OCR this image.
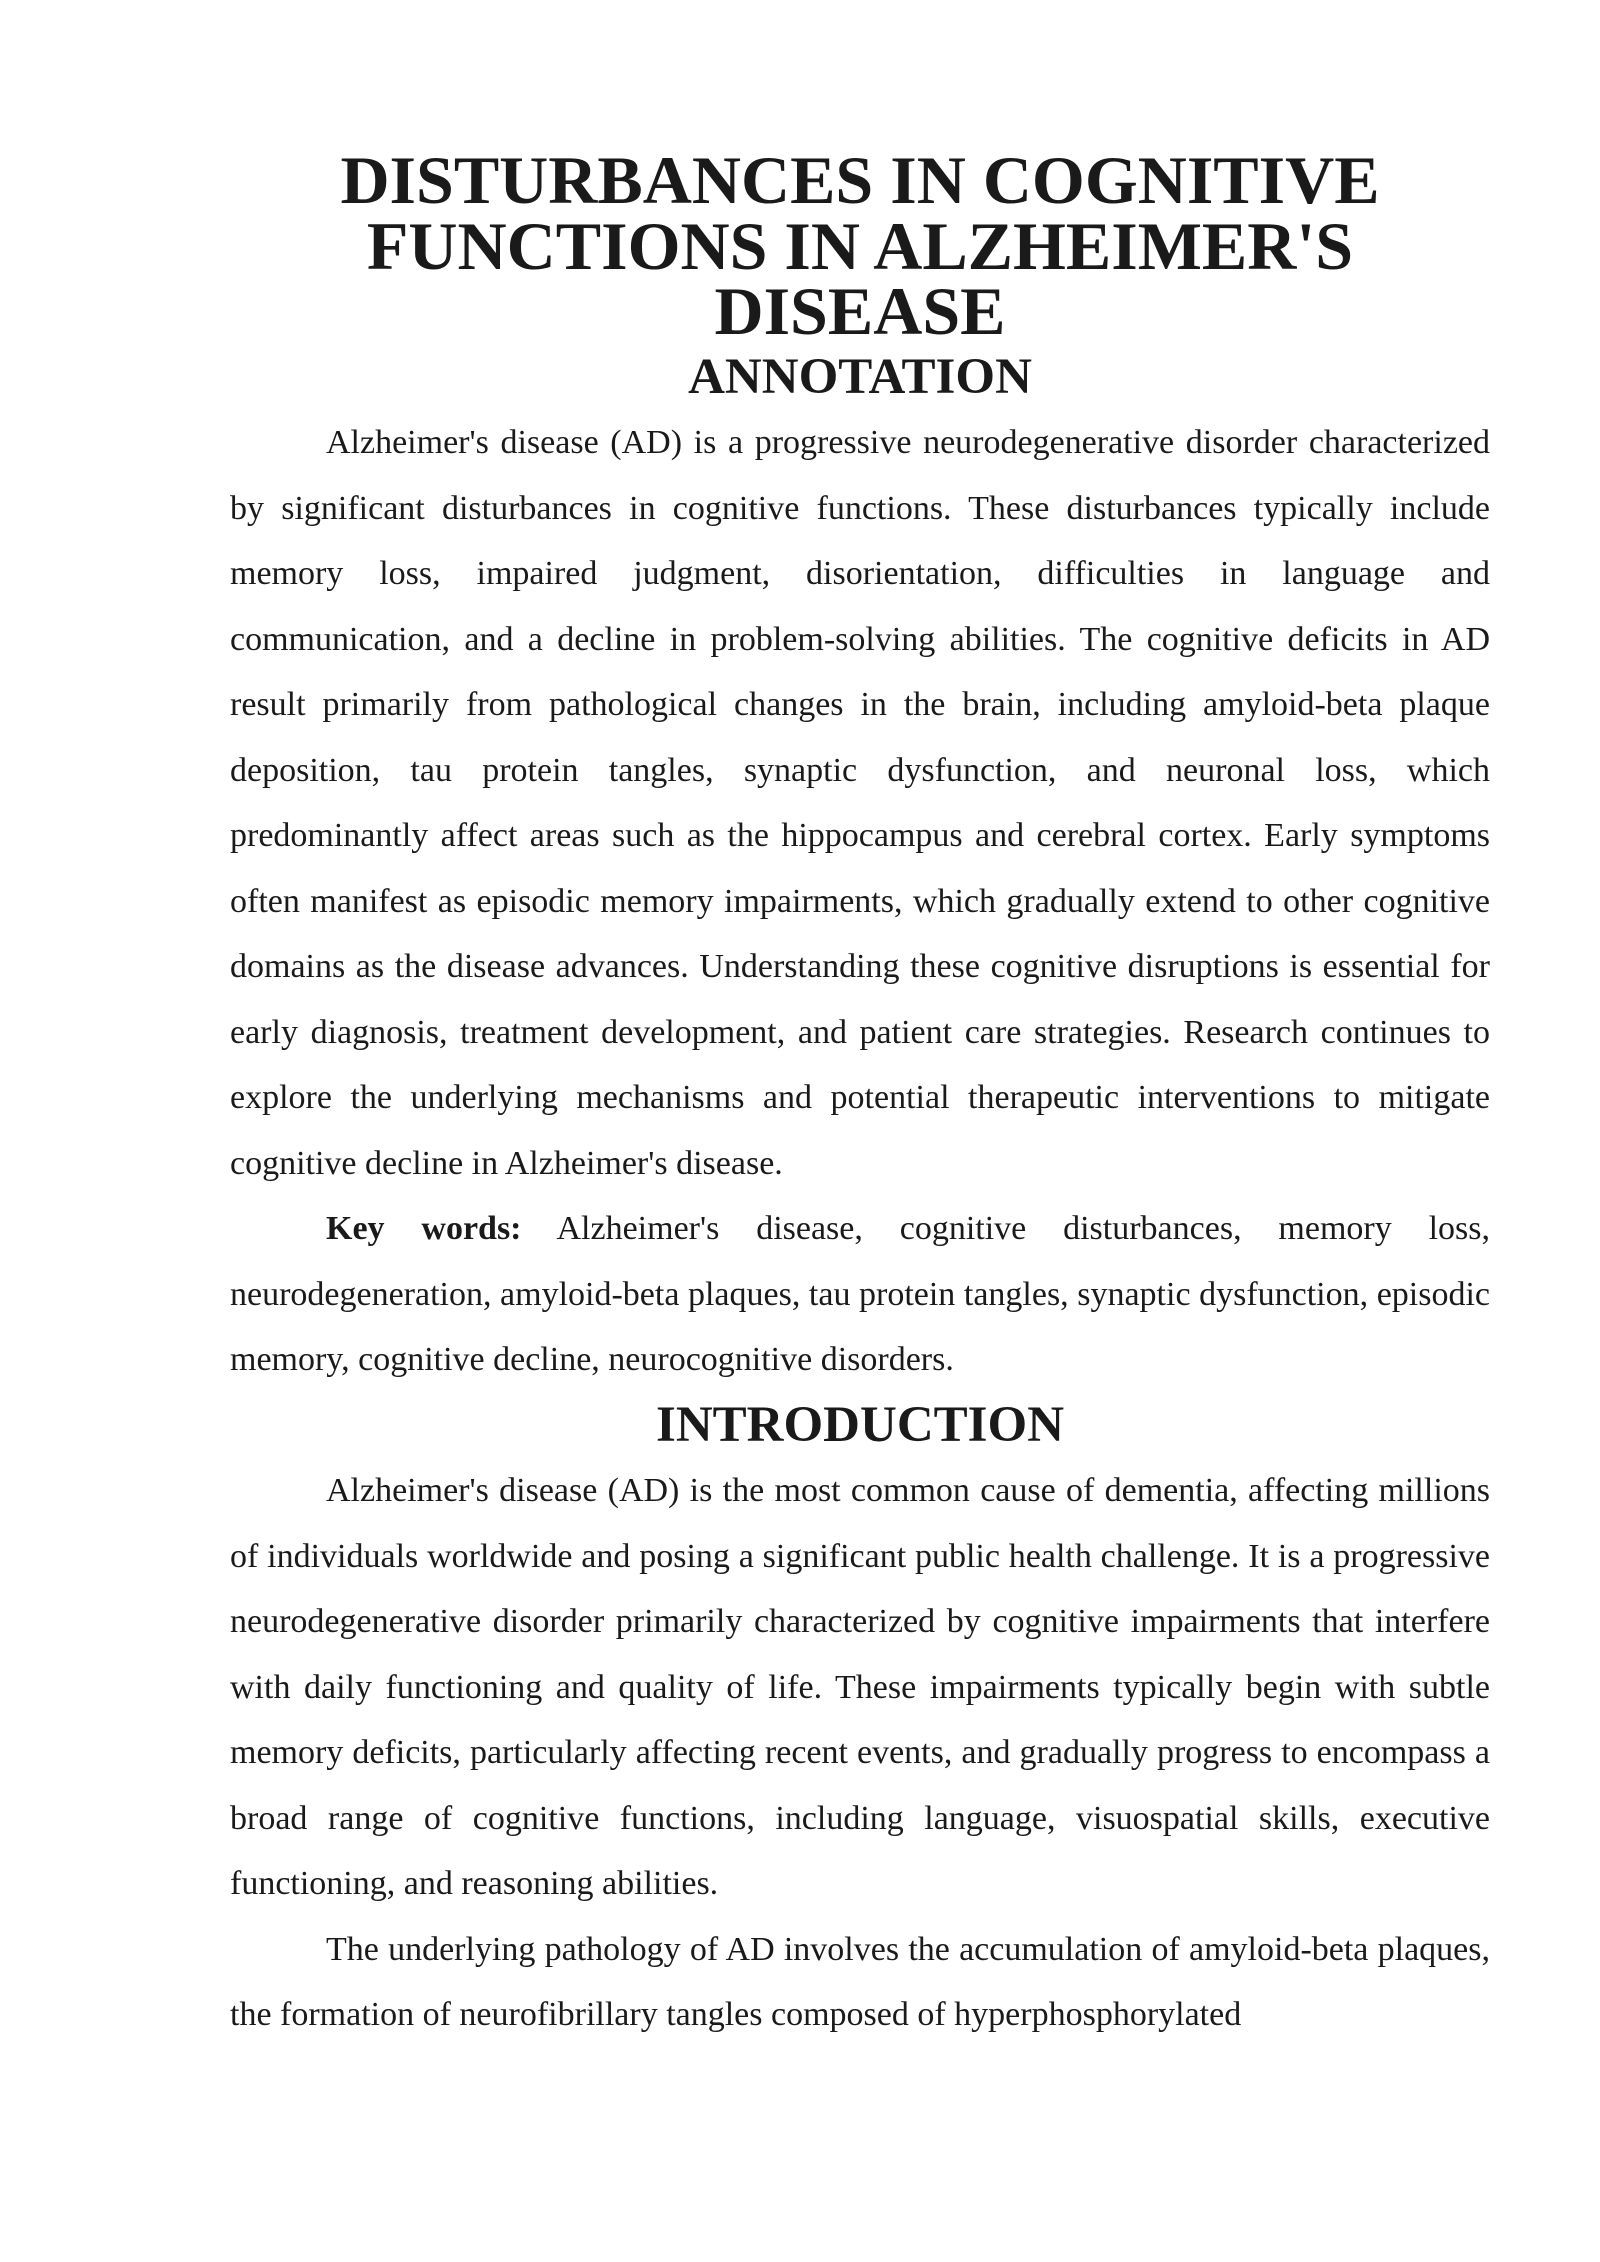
DISTURBANCES IN COGNITIVE FUNCTIONS IN ALZHEIMER'S DISEASE
ANNOTATION

Alzheimer's disease (AD) is a progressive neurodegenerative disorder characterized by significant disturbances in cognitive functions. These disturbances typically include memory loss, impaired judgment, disorientation, difficulties in language and communication, and a decline in problem-solving abilities. The cognitive deficits in AD result primarily from pathological changes in the brain, including amyloid-beta plaque deposition, tau protein tangles, synaptic dysfunction, and neuronal loss, which predominantly affect areas such as the hippocampus and cerebral cortex. Early symptoms often manifest as episodic memory impairments, which gradually extend to other cognitive domains as the disease advances. Understanding these cognitive disruptions is essential for early diagnosis, treatment development, and patient care strategies. Research continues to explore the underlying mechanisms and potential therapeutic interventions to mitigate cognitive decline in Alzheimer's disease.

Key words: Alzheimer's disease, cognitive disturbances, memory loss, neurodegeneration, amyloid-beta plaques, tau protein tangles, synaptic dysfunction, episodic memory, cognitive decline, neurocognitive disorders.

INTRODUCTION

Alzheimer's disease (AD) is the most common cause of dementia, affecting millions of individuals worldwide and posing a significant public health challenge. It is a progressive neurodegenerative disorder primarily characterized by cognitive impairments that interfere with daily functioning and quality of life. These impairments typically begin with subtle memory deficits, particularly affecting recent events, and gradually progress to encompass a broad range of cognitive functions, including language, visuospatial skills, executive functioning, and reasoning abilities.

The underlying pathology of AD involves the accumulation of amyloid-beta plaques, the formation of neurofibrillary tangles composed of hyperphosphorylated
